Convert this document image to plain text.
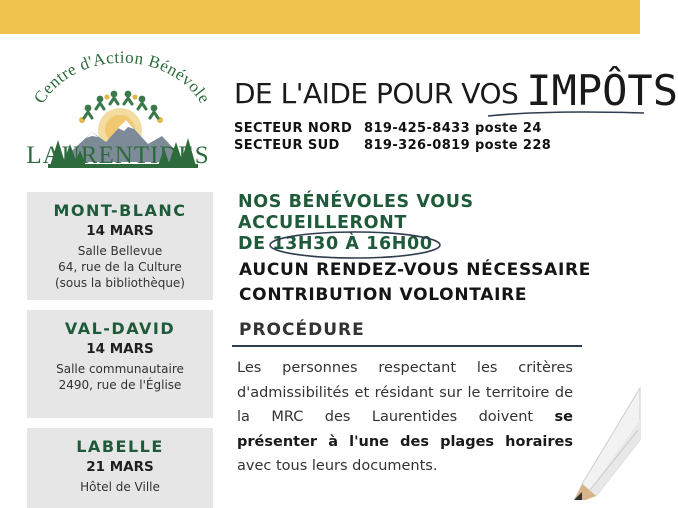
Centre d'Action Bénévole
LAURENTIDES
DE L'AIDE POUR VOS IMPÔTS
SECTEUR NORD 819-425-8433 poste 24
SECTEUR SUD	819-326-0819 poste 228
MONT-BLANC
14 MARS
Salle Bellevue
64, rue de la Culture
(sous la bibliothèque)
VAL-DAVID
14 MARS
Salle communautaire
2490, rue de l'Église
LABELLE
21 MARS
Hôtel de Ville
NOS BÉNÉVOLES VOUS ACCUEILLERONT
DE 13H30 À 16H00
AUCUN RENDEZ-VOUS NÉCESSAIRE
CONTRIBUTION VOLONTAIRE
PROCÉDURE
Les personnes respectant les critères d'admissibilités et résidant sur le territoire de la MRC des Laurentides doivent se présenter à l'une des plages horaires avec tous leurs documents.
